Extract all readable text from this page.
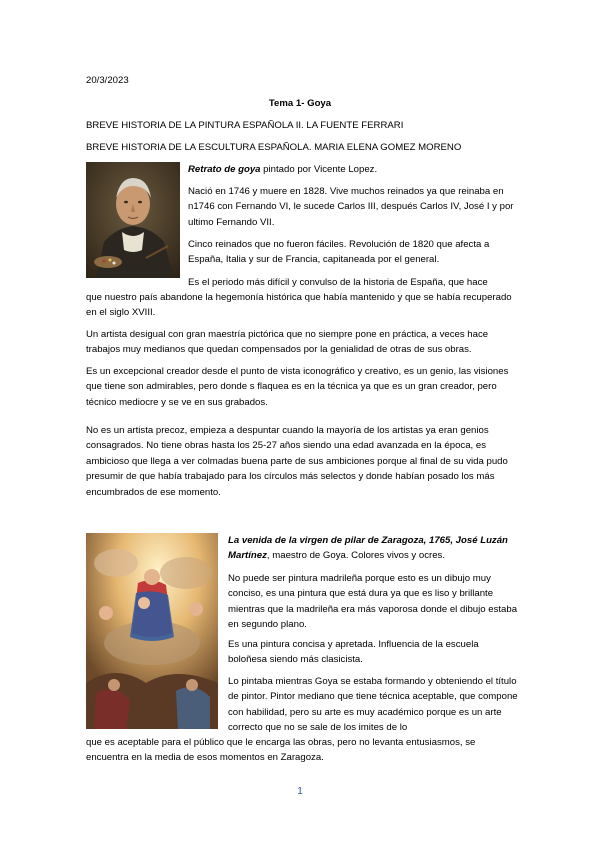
20/3/2023
Tema 1- Goya
BREVE HISTORIA DE LA PINTURA ESPAÑOLA II. LA FUENTE FERRARI
BREVE HISTORIA DE LA ESCULTURA ESPAÑOLA. MARIA ELENA GOMEZ MORENO
Retrato de goya pintado por Vicente Lopez.
Nació en 1746 y muere en 1828. Vive muchos reinados ya que reinaba en n1746 con Fernando VI, le sucede Carlos III, después Carlos IV, José I y por ultimo Fernando VII.
Cinco reinados que no fueron fáciles. Revolución de 1820 que afecta a España, Italia y sur de Francia, capitaneada por el general.
Es el periodo más difícil y convulso de la historia de España, que hace
que nuestro país abandone la hegemonía histórica que había mantenido y que se había recuperado en el siglo XVIII.
Un artista desigual con gran maestría pictórica que no siempre pone en práctica, a veces hace trabajos muy medianos que quedan compensados por la genialidad de otras de sus obras.
Es un excepcional creador desde el punto de vista iconográfico y creativo, es un genio, las visiones que tiene son admirables, pero donde s flaquea es en la técnica ya que es un gran creador, pero técnico mediocre y se ve en sus grabados.
No es un artista precoz, empieza a despuntar cuando la mayoría de los artistas ya eran genios consagrados. No tiene obras hasta los 25-27 años siendo una edad avanzada en la época, es ambicioso que llega a ver colmadas buena parte de sus ambiciones porque al final de su vida pudo presumir de que había trabajado para los círculos más selectos y donde habían posado los más encumbrados de ese momento.
La venida de la virgen de pilar de Zaragoza, 1765, José Luzán Martínez, maestro de Goya. Colores vivos y ocres.
No puede ser pintura madrileña porque esto es un dibujo muy conciso, es una pintura que está dura ya que es liso y brillante mientras que la madrileña era más vaporosa donde el dibujo estaba en segundo plano.
Es una pintura concisa y apretada. Influencia de la escuela boloñesa siendo más clasicista.
Lo pintaba mientras Goya se estaba formando y obteniendo el título de pintor. Pintor mediano que tiene técnica aceptable, que compone con habilidad, pero su arte es muy académico porque es un arte correcto que no se sale de los imites de lo
que es aceptable para el público que le encarga las obras, pero no levanta entusiasmos, se encuentra en la media de esos momentos en Zaragoza.
1
